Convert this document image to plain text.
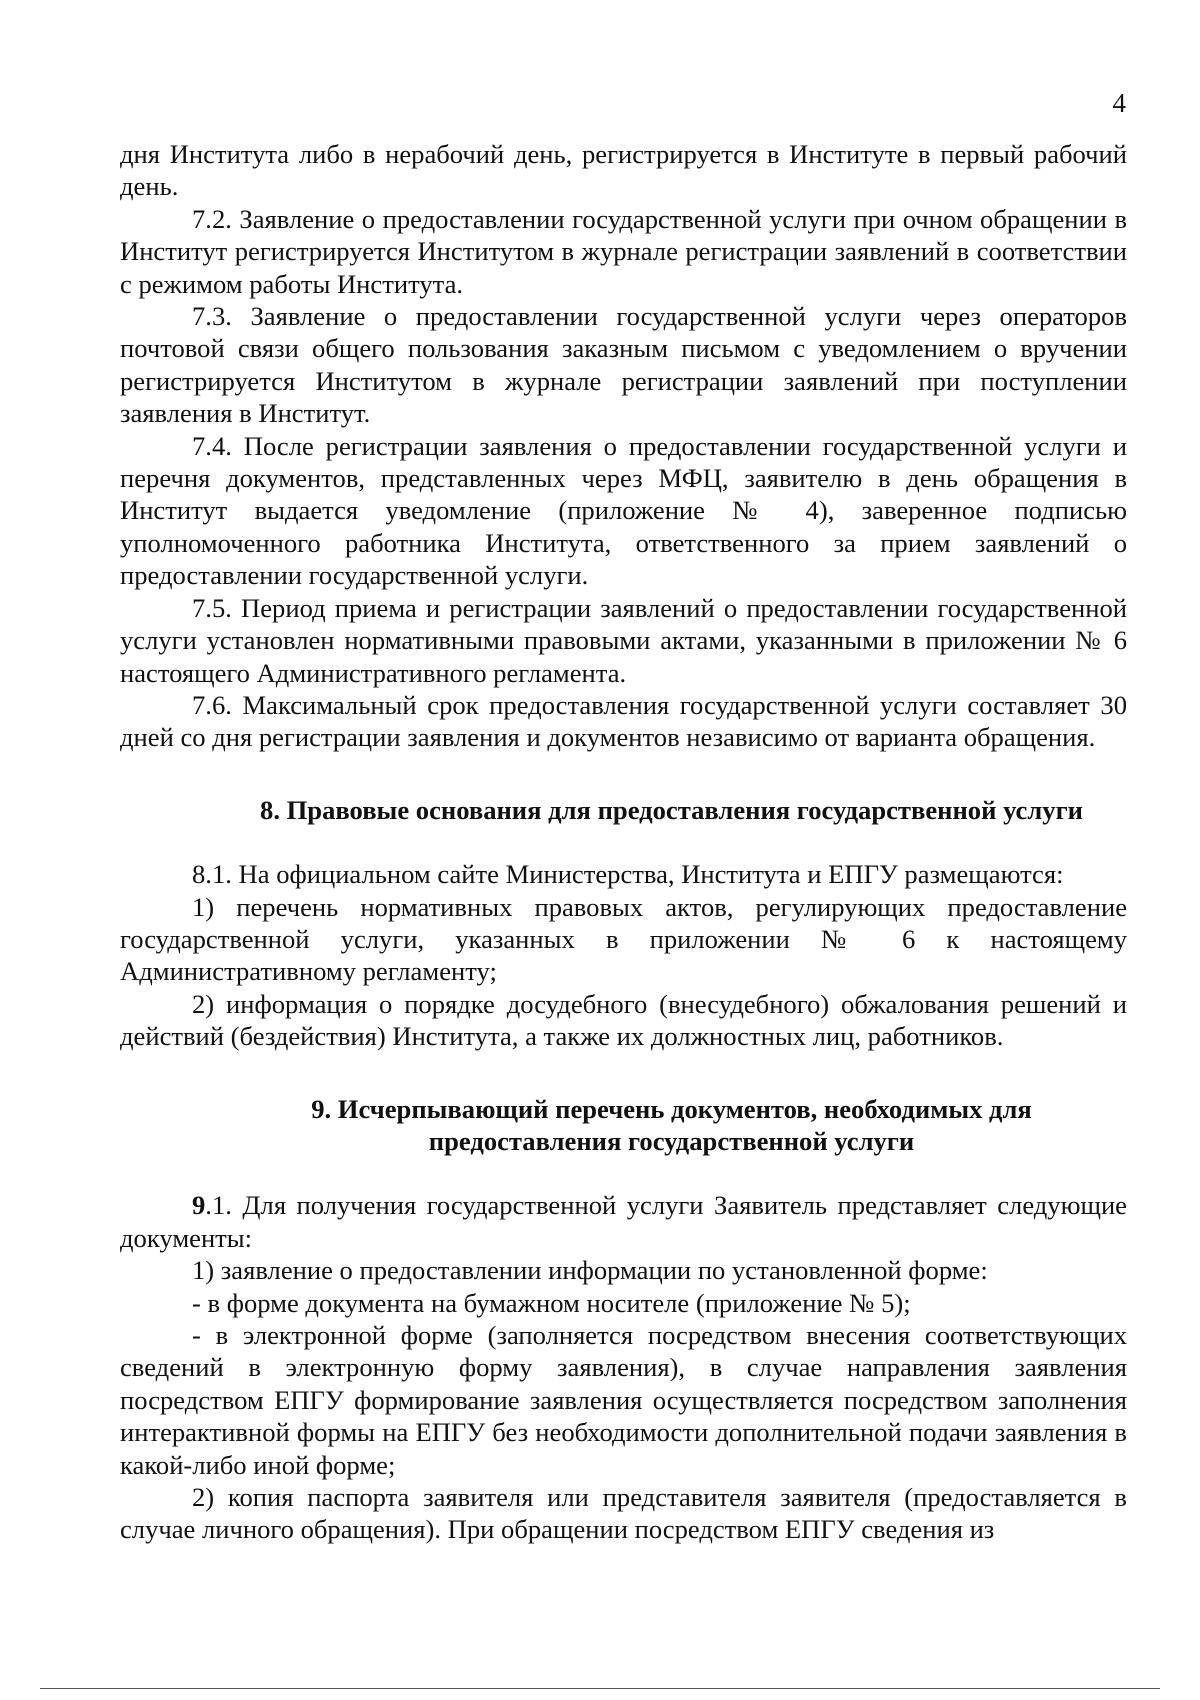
4

дня Института либо в нерабочий день, регистрируется в Институте в первый рабочий день.

7.2. Заявление о предоставлении государственной услуги при очном обращении в Институт регистрируется Институтом в журнале регистрации заявлений в соответствии с режимом работы Института.

7.3. Заявление о предоставлении государственной услуги через операторов почтовой связи общего пользования заказным письмом с уведомлением о вручении регистрируется Институтом в журнале регистрации заявлений при поступлении заявления в Институт.

7.4. После регистрации заявления о предоставлении государственной услуги и перечня документов, представленных через МФЦ, заявителю в день обращения в Институт выдается уведомление (приложение № 4), заверенное подписью уполномоченного работника Института, ответственного за прием заявлений о предоставлении государственной услуги.

7.5. Период приема и регистрации заявлений о предоставлении государственной услуги установлен нормативными правовыми актами, указанными в приложении № 6 настоящего Административного регламента.

7.6. Максимальный срок предоставления государственной услуги составляет 30 дней со дня регистрации заявления и документов независимо от варианта обращения.

8. Правовые основания для предоставления государственной услуги

8.1. На официальном сайте Министерства, Института и ЕПГУ размещаются:

1) перечень нормативных правовых актов, регулирующих предоставление государственной услуги, указанных в приложении № 6 к настоящему Административному регламенту;

2) информация о порядке досудебного (внесудебного) обжалования решений и действий (бездействия) Института, а также их должностных лиц, работников.

9. Исчерпывающий перечень документов, необходимых для
предоставления государственной услуги

9.1. Для получения государственной услуги Заявитель представляет следующие документы:

1) заявление о предоставлении информации по установленной форме:

- в форме документа на бумажном носителе (приложение № 5);

- в электронной форме (заполняется посредством внесения соответствующих сведений в электронную форму заявления), в случае направления заявления посредством ЕПГУ формирование заявления осуществляется посредством заполнения интерактивной формы на ЕПГУ без необходимости дополнительной подачи заявления в какой-либо иной форме;

2) копия паспорта заявителя или представителя заявителя (предоставляется в случае личного обращения). При обращении посредством ЕПГУ сведения из
